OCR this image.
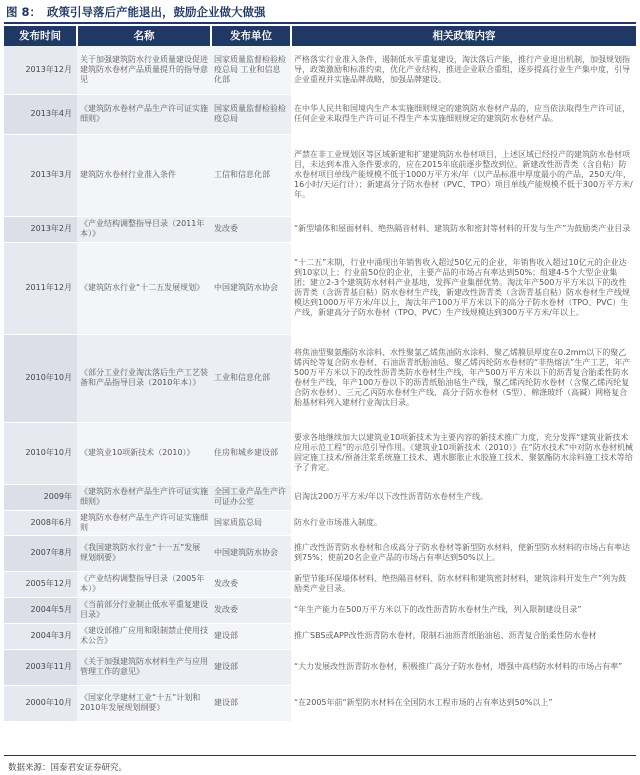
图 8： 政策引导落后产能退出，鼓励企业做大做强
发布时间	名称	发布单位	相关政策内容
2013年12月	关于加强建筑防水行业质量建设促进建筑防水卷材产品质量提升的指导意见	国家质量监督检验检疫总局 工业和信息化部	严格落实行业准入条件，遏制低水平重复建设，淘汰落后产能，推行产业退出机制，加强规划指导，政策激励和标准约束，优化产业结构，推进企业联合重组，逐步提高行业生产集中度，引导企业重视并实施品牌战略，加强品牌建设。
2013年4月	《建筑防水卷材产品生产许可证实施细则》	国家质量监督检验检疫总局	在中华人民共和国境内生产本实施细则规定的建筑防水卷材产品的，应当依法取得生产许可证，任何企业未取得生产许可证不得生产本实施细则规定的建筑防水卷材产品。
2013年3月	建筑防水卷材行业准入条件	工信和信息化部	严禁在非工业规划区等区域新建和扩建建筑防水卷材项目，上述区域已经投产的建筑防水卷材项目，未达到本准入条件要求的，应在2015年底前逐步整改到位。新建改性沥青类（含自粘）防水卷材项目单线产能规模不低于1000万平方米/年（以产品标准中厚度最小的产品，250天/年，16小时/天运行计）；新建高分子防水卷材（PVC、TPO）项目单线产能规模不低于300万平方米/年。
2013年2月	《产业结构调整指导目录（2011年本）》	发改委	“新型墙体和屋面材料、绝热隔音材料、建筑防水和密封等材料的开发与生产”为鼓励类产业目录
2011年12月	《建筑防水行业“十二五发展规划》	中国建筑防水协会	“十二五”末期，行业中涌现出年销售收入超过50亿元的企业，年销售收入超过10亿元的企业达到10家以上；行业前50位的企业，主要产品的市场占有率达到50%；组建4-5个大型企业集团；建立2-3个建筑防水材料产业基地，发挥产业集群优势。淘汰年产500万平方米以下的改性沥青类（含沥青基自粘）防水卷材生产线，新建改性沥青类（含沥青基自粘）防水卷材生产线规模达到1000万平方米/年以上，淘汰年产100万平方米以下的高分子防水卷材（TPO、PVC）生产线，新建高分子防水卷材（TPO、PVC）生产线规模达到300万平方米/年以上。
2010年10月	《部分工业行业淘汰落后生产工艺装备和产品指导目录（2010年本）》	工业和信息化部	将焦油型聚氨酯防水涂料、水性聚氯乙烯焦油防水涂料、聚乙烯膜层厚度在0.2mm以下的聚乙烯丙纶等复合防水卷材、石油沥青纸胎油毡、聚乙烯丙纶防水卷材的“非热熔法”生产工艺，年产500万平方米以下的改性沥青类防水卷材生产线，年产500万平方米以下的沥青复合胎柔性防水卷材生产线，年产100万卷以下的沥青纸胎油毡生产线，聚乙烯丙纶防水卷材（含聚乙烯丙纶复合防水卷材）、三元乙丙防水卷材生产线、高分子防水卷材（S型）、棉涤玻纤（高碱）网格复合胎基材料列入建材行业淘汰目录。
2010年10月	《建筑业10项新技术（2010）》	住房和城乡建设部	要求各地继续加大以建筑业10项新技术为主要内容的新技术推广力度，充分发挥“建筑业新技术应用示范工程”的示范引导作用。《建筑业10项新技术（2010）》在“防水技术”中对防水卷材机械固定施工技术/预备注浆系统施工技术、遇水膨胀止水胶施工技术、聚氨酯防水涂料施工技术等给予了肯定。
2009年	《建筑防水卷材产品生产许可证实施细则》	全国工业产品生产许可证办公室	启淘汰200万平方米/年以下改性沥青防水卷材生产线。
2008年6月	建筑防水卷材产品生产许可证实施细则	国家质监总局	防水行业市场准入制度。
2007年8月	《我国建筑防水行业“十一五”发展规划纲要》	中国建筑防水协会	推广改性沥青防水卷材和合成高分子防水卷材等新型防水材料，使新型防水材料的市场占有率达到75%；使前20名企业产品的市场占有率达到50%以上。
2005年12月	《产业结构调整指导目录（2005年本）》	发改委	新型节能环保墙体材料、绝热隔音材料、防水材料和建筑密封材料，建筑涂料开发生产”列为鼓励类产业目录。
2004年5月	《当前部分行业制止低水平重复建设目录》	发改委	“年生产能力在500万平方米以下的改性沥青防水卷材生产线，列入限制建设目录”
2004年3月	《建设部推广应用和限制禁止使用技术公告》	建设部	推广SBS或APP改性沥青防水卷材，限制石油沥青纸胎油毡、沥青复合胎柔性防水卷材
2003年11月	《关于加强建筑防水材料生产与应用管理工作的意见》	建设部	“大力发展改性沥青防水卷材，积极推广高分子防水卷材，增强中高档防水材料的市场占有率”
2000年10月	《国家化学建材工业“十五”计划和2010年发展规划纲要》	建设部	“在2005年前“新型防水材料在全国防水工程市场的占有率达到50%以上”
数据来源：国泰君安证券研究。
